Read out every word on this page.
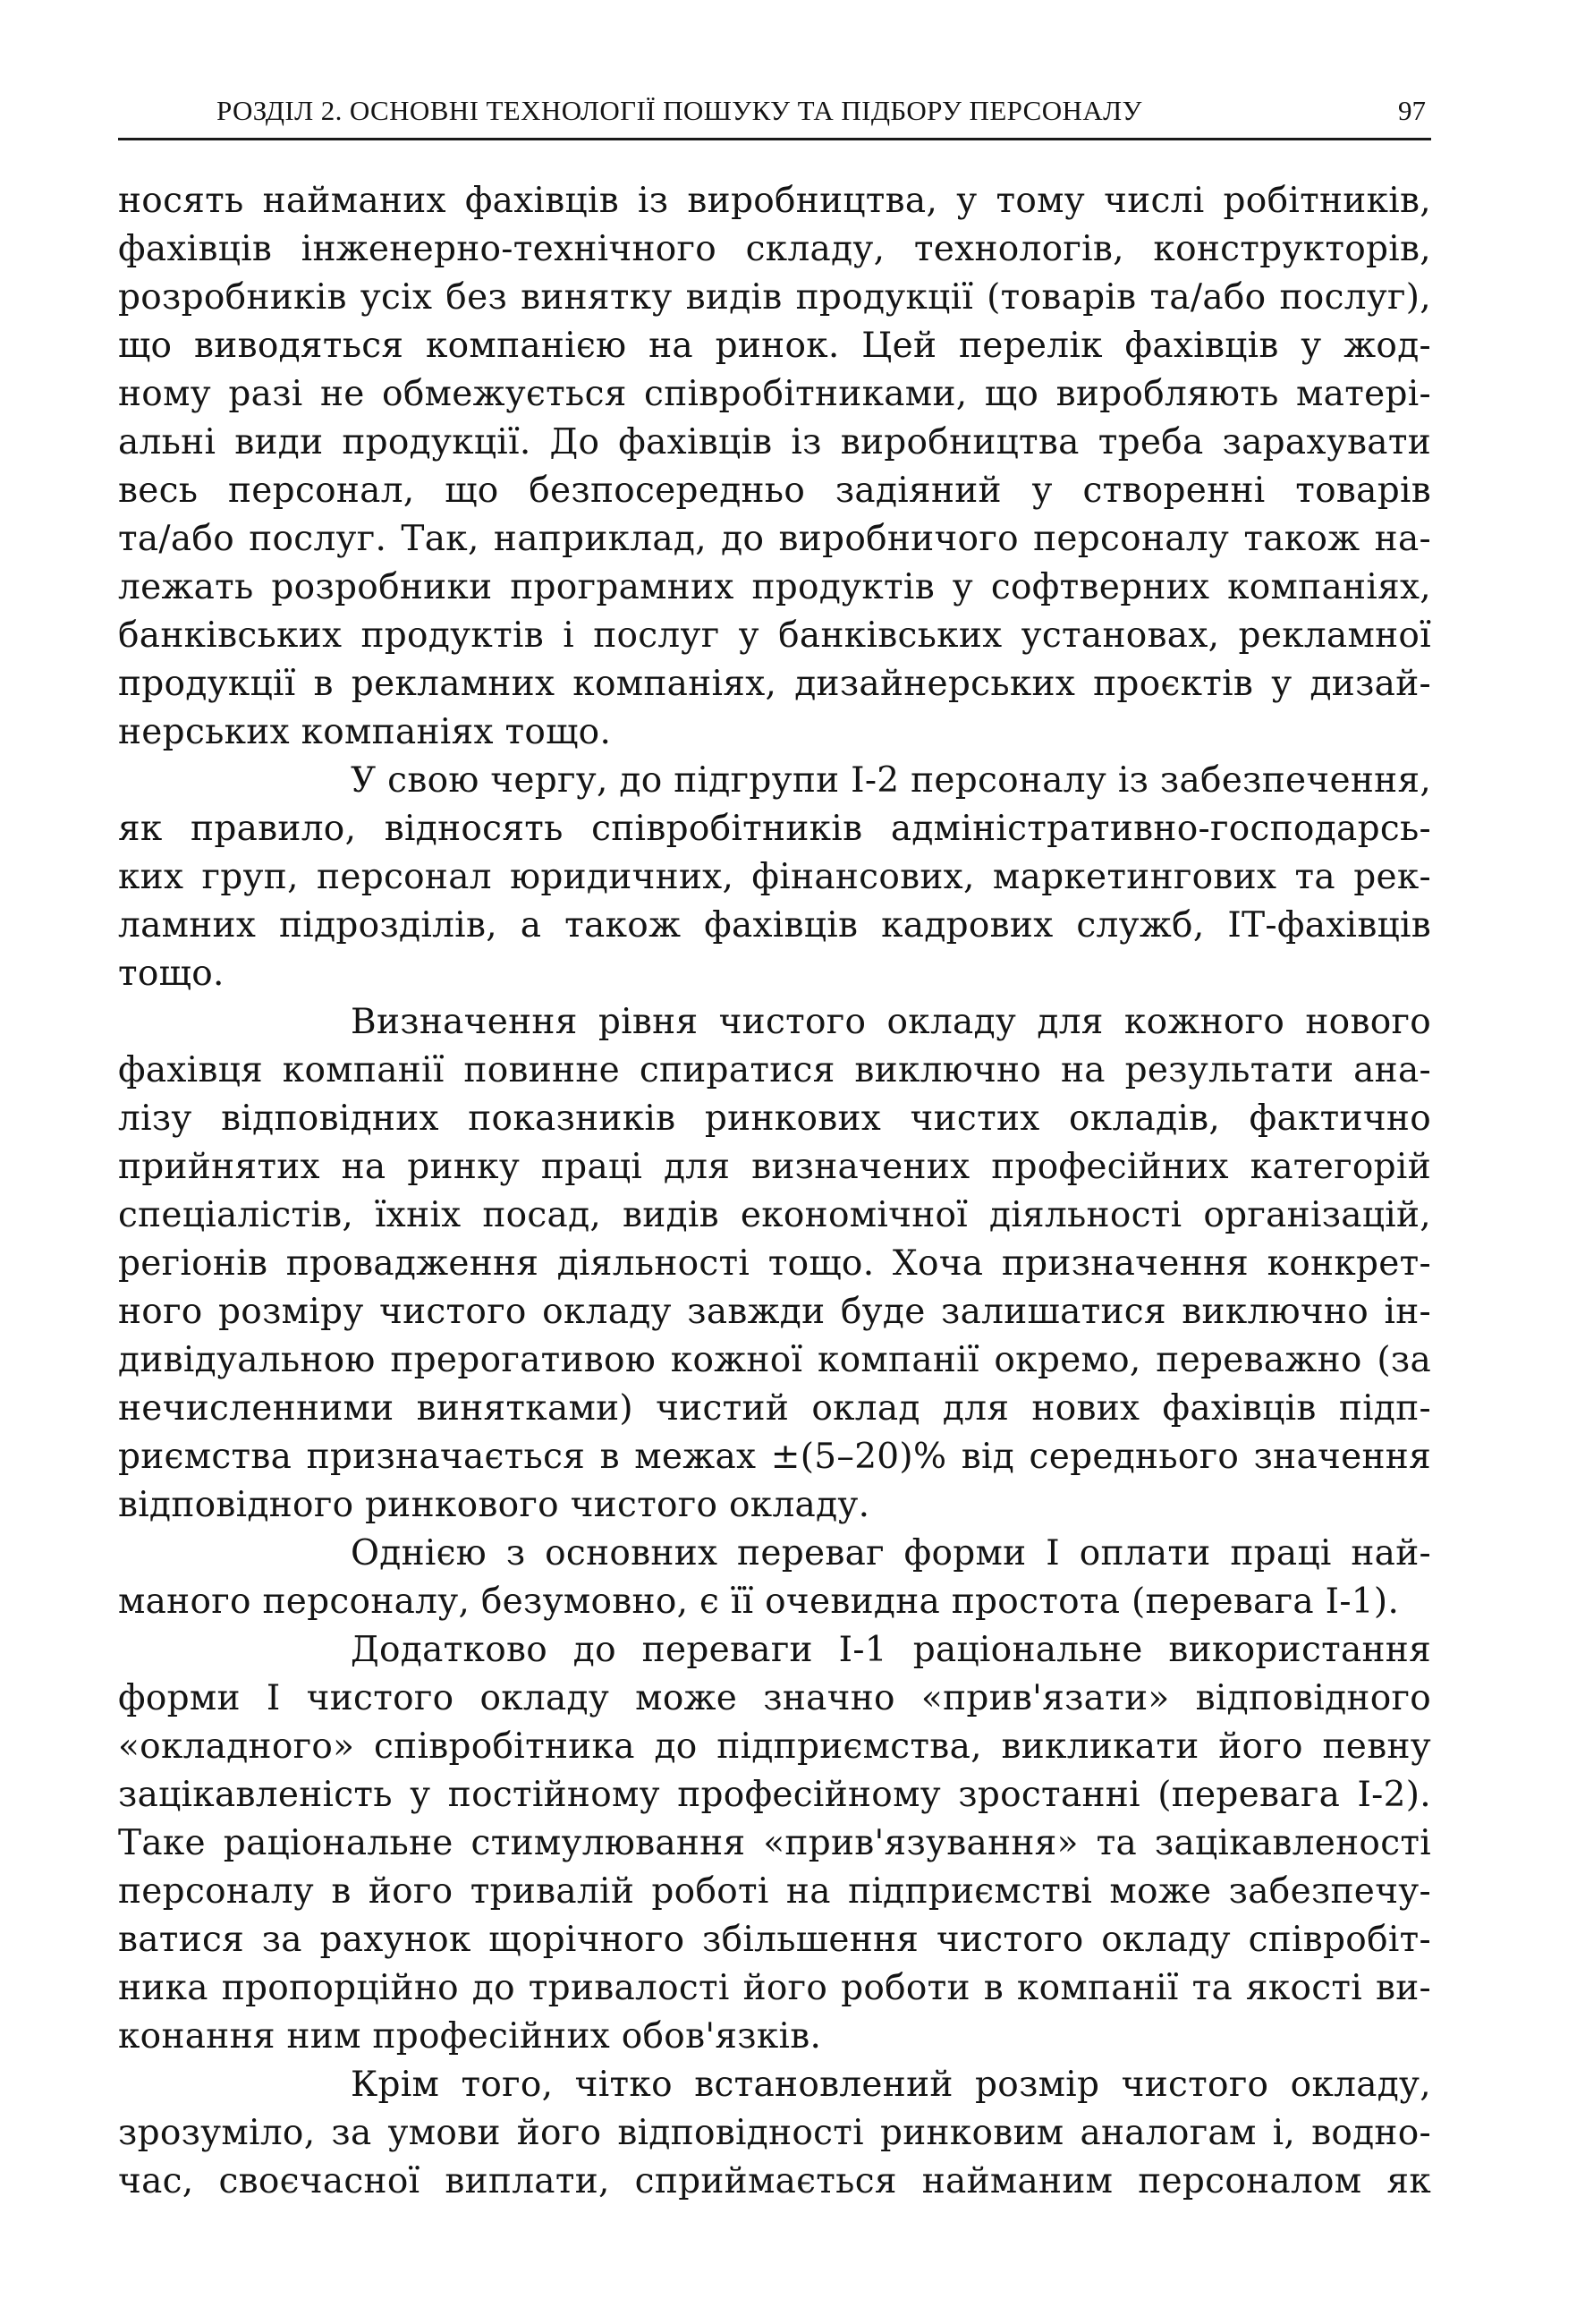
РОЗДІЛ 2. ОСНОВНІ ТЕХНОЛОГІЇ ПОШУКУ ТА ПІДБОРУ ПЕРСОНАЛУ	97
носять найманих фахівців із виробництва, у тому числі робітників,
фахівців інженерно-технічного складу, технологів, конструкторів,
розробників усіх без винятку видів продукції (товарів та/або послуг),
що виводяться компанією на ринок. Цей перелік фахівців у жод-
ному разі не обмежується співробітниками, що виробляють матері-
альні види продукції. До фахівців із виробництва треба зарахувати
весь персонал, що безпосередньо задіяний у створенні товарів
та/або послуг. Так, наприклад, до виробничого персоналу також на-
лежать розробники програмних продуктів у софтверних компаніях,
банківських продуктів і послуг у банківських установах, рекламної
продукції в рекламних компаніях, дизайнерських проєктів у дизай-
нерських компаніях тощо.
У свою чергу, до підгрупи І-2 персоналу із забезпечення,
як правило, відносять співробітників адміністративно-господарсь-
ких груп, персонал юридичних, фінансових, маркетингових та рек-
ламних підрозділів, а також фахівців кадрових служб, ІТ-фахівців
тощо.
Визначення рівня чистого окладу для кожного нового
фахівця компанії повинне спиратися виключно на результати ана-
лізу відповідних показників ринкових чистих окладів, фактично
прийнятих на ринку праці для визначених професійних категорій
спеціалістів, їхніх посад, видів економічної діяльності організацій,
регіонів провадження діяльності тощо. Хоча призначення конкрет-
ного розміру чистого окладу завжди буде залишатися виключно ін-
дивідуальною прерогативою кожної компанії окремо, переважно (за
нечисленними винятками) чистий оклад для нових фахівців підп-
риємства призначається в межах ±(5–20)% від середнього значення
відповідного ринкового чистого окладу.
Однією з основних переваг форми І оплати праці най-
маного персоналу, безумовно, є її очевидна простота (перевага І-1).
Додатково до переваги І-1 раціональне використання
форми І чистого окладу може значно «прив'язати» відповідного
«окладного» співробітника до підприємства, викликати його певну
зацікавленість у постійному професійному зростанні (перевага І-2).
Таке раціональне стимулювання «прив'язування» та зацікавленості
персоналу в його тривалій роботі на підприємстві може забезпечу-
ватися за рахунок щорічного збільшення чистого окладу співробіт-
ника пропорційно до тривалості його роботи в компанії та якості ви-
конання ним професійних обов'язків.
Крім того, чітко встановлений розмір чистого окладу,
зрозуміло, за умови його відповідності ринковим аналогам і, водно-
час, своєчасної виплати, сприймається найманим персоналом як
